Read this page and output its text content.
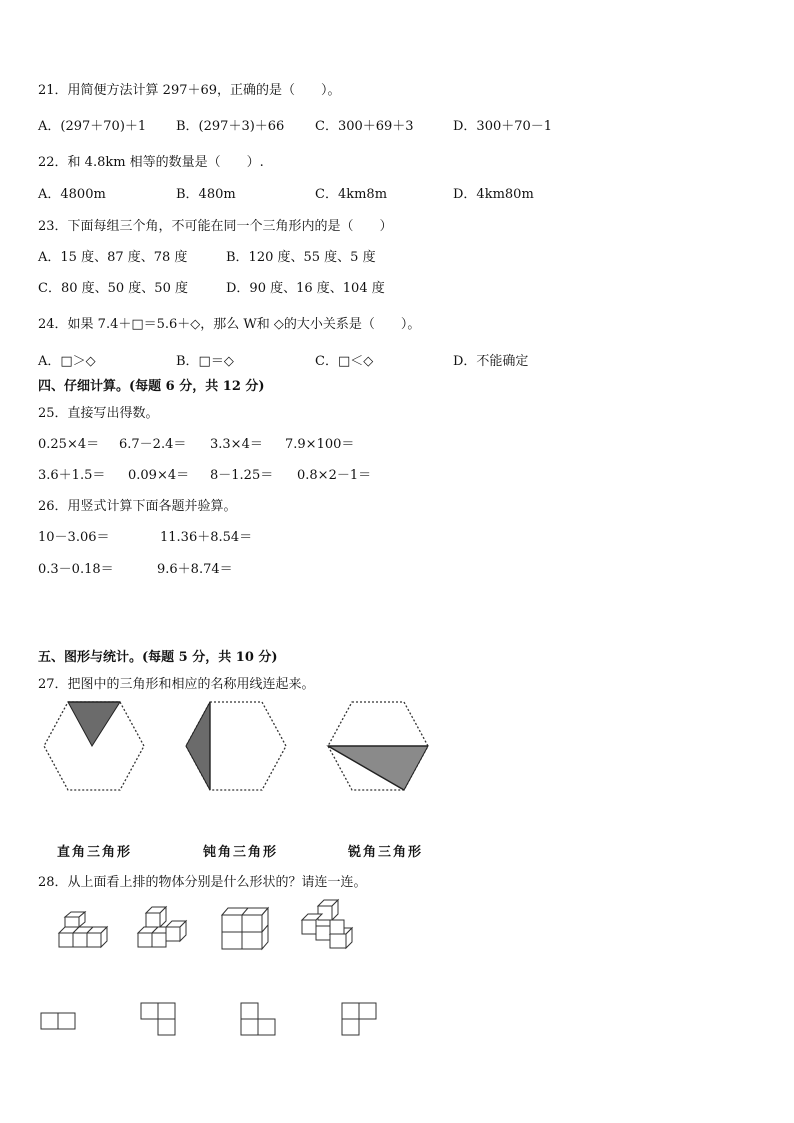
21．用简便方法计算 297＋69，正确的是（　　）。
A．(297＋70)＋1 B．(297＋3)＋66 C．300＋69＋3	D．300＋70－1
22．和 4.8km 相等的数量是（　　）.
A．4800m	B．480m	C．4km8m	D．4km80m
23．下面每组三个角，不可能在同一个三角形内的是（　　）
A．15 度、87 度、78 度	B．120 度、55 度、5 度
C．80 度、50 度、50 度	D．90 度、16 度、104 度
24．如果 7.4＋□＝5.6＋◇，那么 W和 ◇的大小关系是（　　）。
A．□＞◇	B．□＝◇	C．□＜◇	D．不能确定
四、仔细计算。(每题 6 分，共 12 分)
25．直接写出得数。
0.25×4＝ 6.7－2.4＝ 3.3×4＝ 7.9×100＝
3.6＋1.5＝ 0.09×4＝ 8－1.25＝ 0.8×2－1＝
26．用竖式计算下面各题并验算。
10－3.06＝	11.36＋8.54＝
0.3－0.18＝	9.6＋8.74＝
五、图形与统计。(每题 5 分，共 10 分)
27．把图中的三角形和相应的名称用线连起来。
直角三角形	钝角三角形	锐角三角形
28．从上面看上排的物体分别是什么形状的？请连一连。
